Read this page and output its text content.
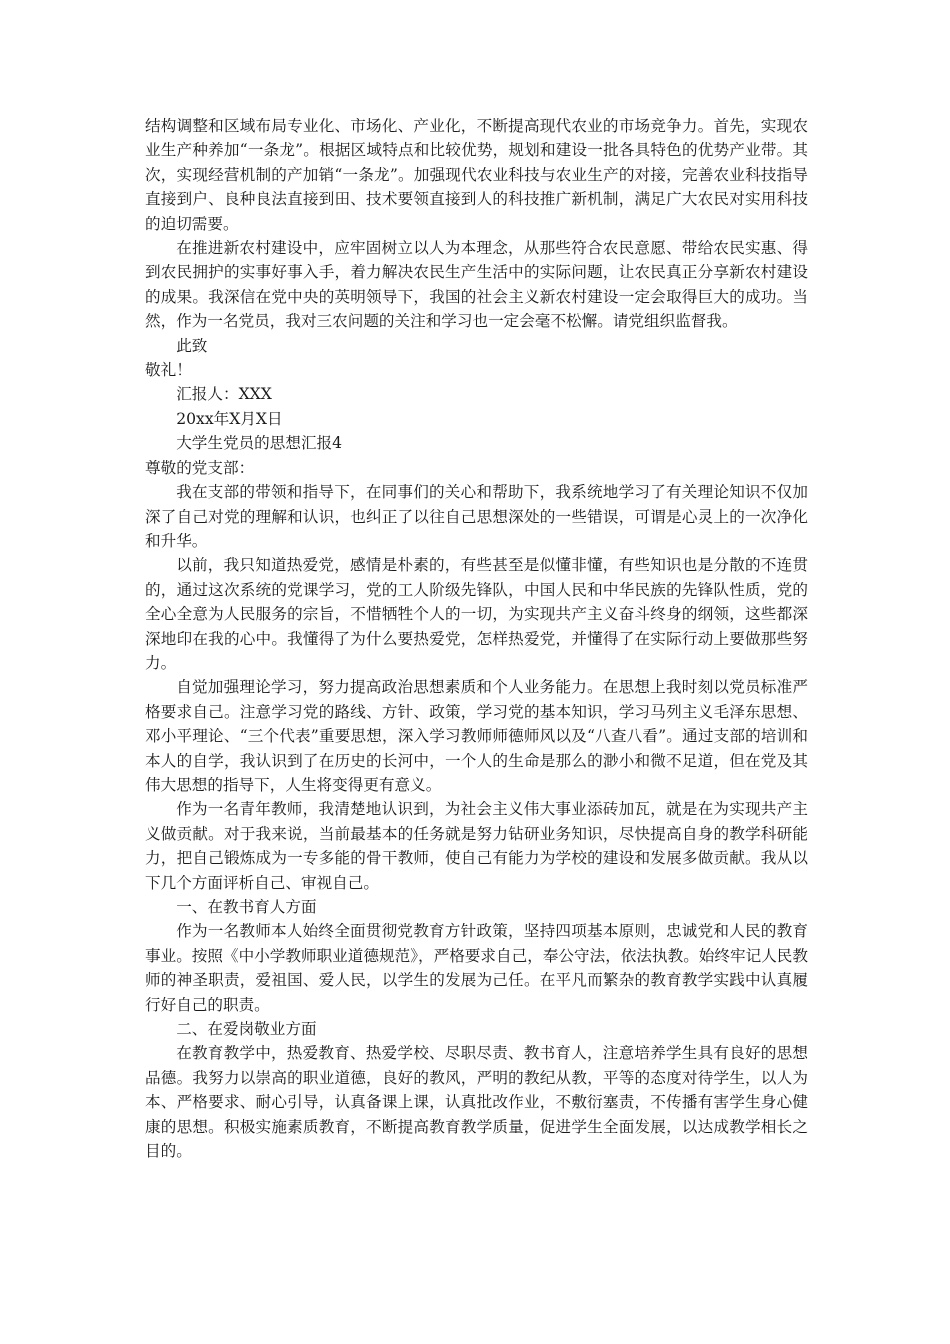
结构调整和区域布局专业化、市场化、产业化，不断提高现代农业的市场竞争力。首先，实现农业生产种养加“一条龙”。根据区域特点和比较优势，规划和建设一批各具特色的优势产业带。其次，实现经营机制的产加销“一条龙”。加强现代农业科技与农业生产的对接，完善农业科技指导直接到户、良种良法直接到田、技术要领直接到人的科技推广新机制，满足广大农民对实用科技的迫切需要。

在推进新农村建设中，应牢固树立以人为本理念，从那些符合农民意愿、带给农民实惠、得到农民拥护的实事好事入手，着力解决农民生产生活中的实际问题，让农民真正分享新农村建设的成果。我深信在党中央的英明领导下，我国的社会主义新农村建设一定会取得巨大的成功。当然，作为一名党员，我对三农问题的关注和学习也一定会毫不松懈。请党组织监督我。

此致

敬礼！

汇报人：XXX

20xx年X月X日

大学生党员的思想汇报4

尊敬的党支部：

我在支部的带领和指导下，在同事们的关心和帮助下，我系统地学习了有关理论知识不仅加深了自己对党的理解和认识，也纠正了以往自己思想深处的一些错误，可谓是心灵上的一次净化和升华。

以前，我只知道热爱党，感情是朴素的，有些甚至是似懂非懂，有些知识也是分散的不连贯的，通过这次系统的党课学习，党的工人阶级先锋队，中国人民和中华民族的先锋队性质，党的全心全意为人民服务的宗旨，不惜牺牲个人的一切，为实现共产主义奋斗终身的纲领，这些都深深地印在我的心中。我懂得了为什么要热爱党，怎样热爱党，并懂得了在实际行动上要做那些努力。

自觉加强理论学习，努力提高政治思想素质和个人业务能力。在思想上我时刻以党员标准严格要求自己。注意学习党的路线、方针、政策，学习党的基本知识，学习马列主义毛泽东思想、邓小平理论、“三个代表”重要思想，深入学习教师师德师风以及“八查八看”。通过支部的培训和本人的自学，我认识到了在历史的长河中，一个人的生命是那么的渺小和微不足道，但在党及其伟大思想的指导下，人生将变得更有意义。

作为一名青年教师，我清楚地认识到，为社会主义伟大事业添砖加瓦，就是在为实现共产主义做贡献。对于我来说，当前最基本的任务就是努力钻研业务知识，尽快提高自身的教学科研能力，把自己锻炼成为一专多能的骨干教师，使自己有能力为学校的建设和发展多做贡献。我从以下几个方面评析自己、审视自己。

一、在教书育人方面

作为一名教师本人始终全面贯彻党教育方针政策，坚持四项基本原则，忠诚党和人民的教育事业。按照《中小学教师职业道德规范》，严格要求自己，奉公守法，依法执教。始终牢记人民教师的神圣职责，爱祖国、爱人民，以学生的发展为己任。在平凡而繁杂的教育教学实践中认真履行好自己的职责。

二、在爱岗敬业方面

在教育教学中，热爱教育、热爱学校、尽职尽责、教书育人，注意培养学生具有良好的思想品德。我努力以崇高的职业道德，良好的教风，严明的教纪从教，平等的态度对待学生，以人为本、严格要求、耐心引导，认真备课上课，认真批改作业，不敷衍塞责，不传播有害学生身心健康的思想。积极实施素质教育，不断提高教育教学质量，促进学生全面发展，以达成教学相长之目的。
